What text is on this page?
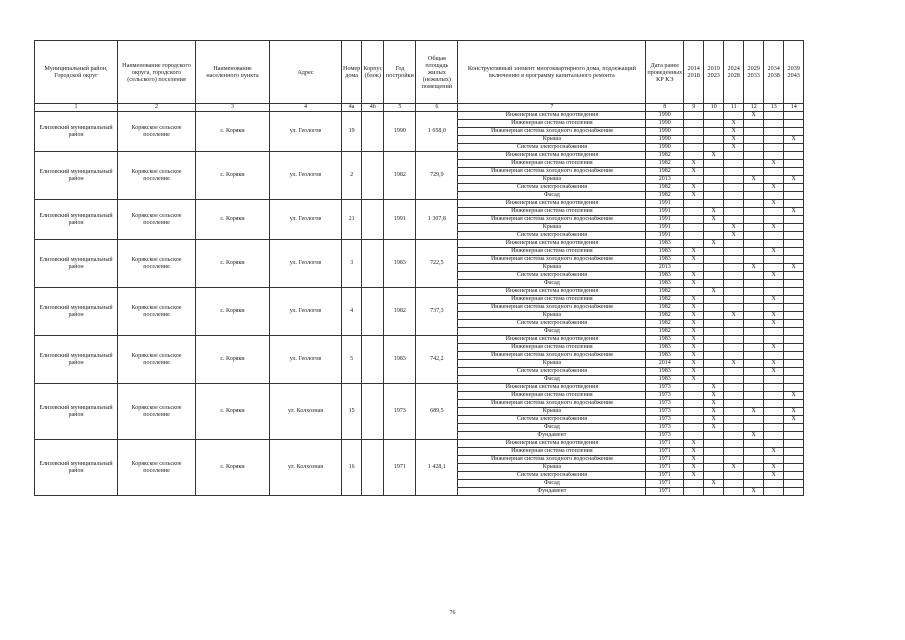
Муниципальный район, Городской округ	Наименование городского округа, городского (сельского) поселения	Наименование населенного пункта	Адрес	Номер дома	Корпус (блок)	Год постройки	Общая площадь жилых (нежилых) помещений	Конструктивный элемент многоквартирного дома, подлежащий включению в программу капитального ремонта	Дата ранее проведенных КР КЭ	2014 2018	2019 2023	2024 2028	2029 2033	2034 2038	2039 2043
1	2	3	4	4а	4б	5	6	7	8	9	10	11	12	13	14
Елизовский муниципальный район	Корякское сельское поселение	с. Коряки	ул. Геологов	19		1990	1 658,0	Инженерная система водоотведения	1990				X		
								Инженерная система отопления	1990			X			
								Инженерная система холодного водоснабжения	1990			X			
								Крыша	1990			X			X
								Система электроснабжения	1990			X			
Елизовский муниципальный район	Корякское сельское поселение	с. Коряки	ул. Геологов	2		1982	729,9	Инженерная система водоотведения	1982		X				
								Инженерная система отопления	1982	X				X	
								Инженерная система холодного водоснабжения	1982	X					
								Крыша	2013				X		X
								Система электроснабжения	1982	X				X	
								Фасад	1982	X					
Елизовский муниципальный район	Корякское сельское поселение	с. Коряки	ул. Геологов	21		1991	1 307,8	Инженерная система водоотведения	1991					X	
								Инженерная система отопления	1991		X				X
								Инженерная система холодного водоснабжения	1991		X				
								Крыша	1991			X		X	
								Система электроснабжения	1991			X			
Елизовский муниципальный район	Корякское сельское поселение	с. Коряки	ул. Геологов	3		1983	722,5	Инженерная система водоотведения	1983		X				
								Инженерная система отопления	1983	X				X	
								Инженерная система холодного водоснабжения	1983	X					
								Крыша	2013				X		X
								Система электроснабжения	1983	X				X	
								Фасад	1983	X					
Елизовский муниципальный район	Корякское сельское поселение	с. Коряки	ул. Геологов	4		1982	737,3	Инженерная система водоотведения	1982		X				
								Инженерная система отопления	1982	X				X	
								Инженерная система холодного водоснабжения	1982	X					
								Крыша	1982	X		X		X	
								Система электроснабжения	1982	X				X	
								Фасад	1982	X					
Елизовский муниципальный район	Корякское сельское поселение	с. Коряки	ул. Геологов	5		1983	742,2	Инженерная система водоотведения	1983	X					
								Инженерная система отопления	1983	X				X	
								Инженерная система холодного водоснабжения	1983	X					
								Крыша	2014	X		X		X	
								Система электроснабжения	1983	X				X	
								Фасад	1983	X					
Елизовский муниципальный район	Корякское сельское поселение	с. Коряки	ул. Колхозная	15		1973	689,5	Инженерная система водоотведения	1973		X				
								Инженерная система отопления	1973		X				X
								Инженерная система холодного водоснабжения	1973		X				
								Крыша	1973		X		X		X
								Система электроснабжения	1973		X				X
								Фасад	1973		X				
								Фундамент	1973				X		
Елизовский муниципальный район	Корякское сельское поселение	с. Коряки	ул. Колхозная	16		1971	1 428,1	Инженерная система водоотведения	1971	X					
								Инженерная система отопления	1971	X				X	
								Инженерная система холодного водоснабжения	1971	X					
								Крыша	1971	X		X		X	
								Система электроснабжения	1971	X				X	
								Фасад	1971		X				
								Фундамент	1971				X		
76
